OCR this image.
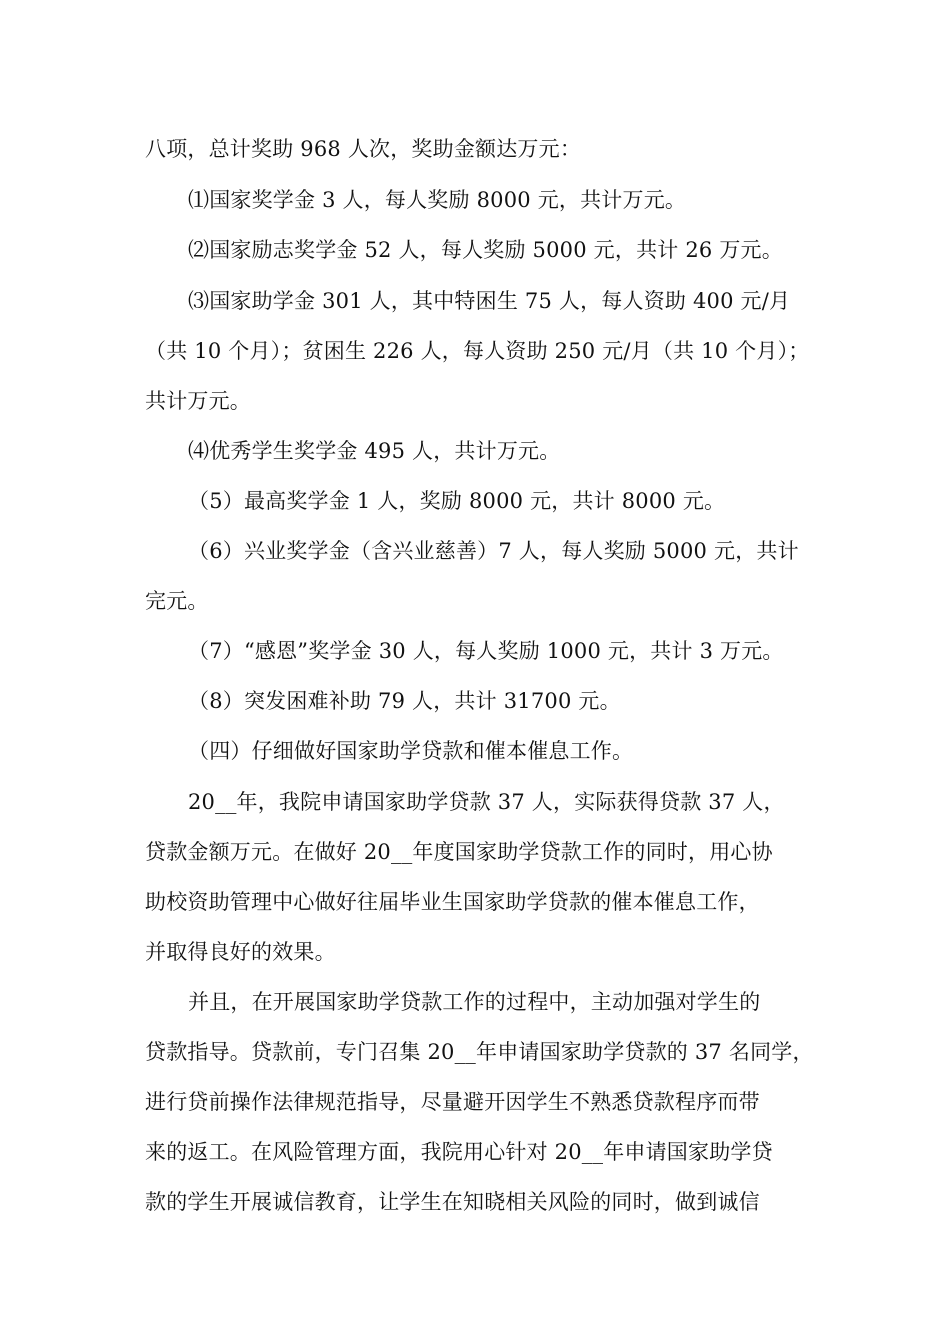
八项，总计奖助 968 人次，奖助金额达万元：
⑴国家奖学金 3 人，每人奖励 8000 元，共计万元。
⑵国家励志奖学金 52 人，每人奖励 5000 元，共计 26 万元。
⑶国家助学金 301 人，其中特困生 75 人，每人资助 400 元/月
（共 10 个月）；贫困生 226 人，每人资助 250 元/月（共 10 个月）；
共计万元。
⑷优秀学生奖学金 495 人，共计万元。
（5）最高奖学金 1 人，奖励 8000 元，共计 8000 元。
（6）兴业奖学金（含兴业慈善）7 人，每人奖励 5000 元，共计
完元。
（7）“感恩”奖学金 30 人，每人奖励 1000 元，共计 3 万元。
（8）突发困难补助 79 人，共计 31700 元。
（四）仔细做好国家助学贷款和催本催息工作。
20__年，我院申请国家助学贷款 37 人，实际获得贷款 37 人，
贷款金额万元。在做好 20__年度国家助学贷款工作的同时，用心协
助校资助管理中心做好往届毕业生国家助学贷款的催本催息工作，
并取得良好的效果。
并且，在开展国家助学贷款工作的过程中，主动加强对学生的
贷款指导。贷款前，专门召集 20__年申请国家助学贷款的 37 名同学，
进行贷前操作法律规范指导，尽量避开因学生不熟悉贷款程序而带
来的返工。在风险管理方面，我院用心针对 20__年申请国家助学贷
款的学生开展诚信教育，让学生在知晓相关风险的同时，做到诚信
